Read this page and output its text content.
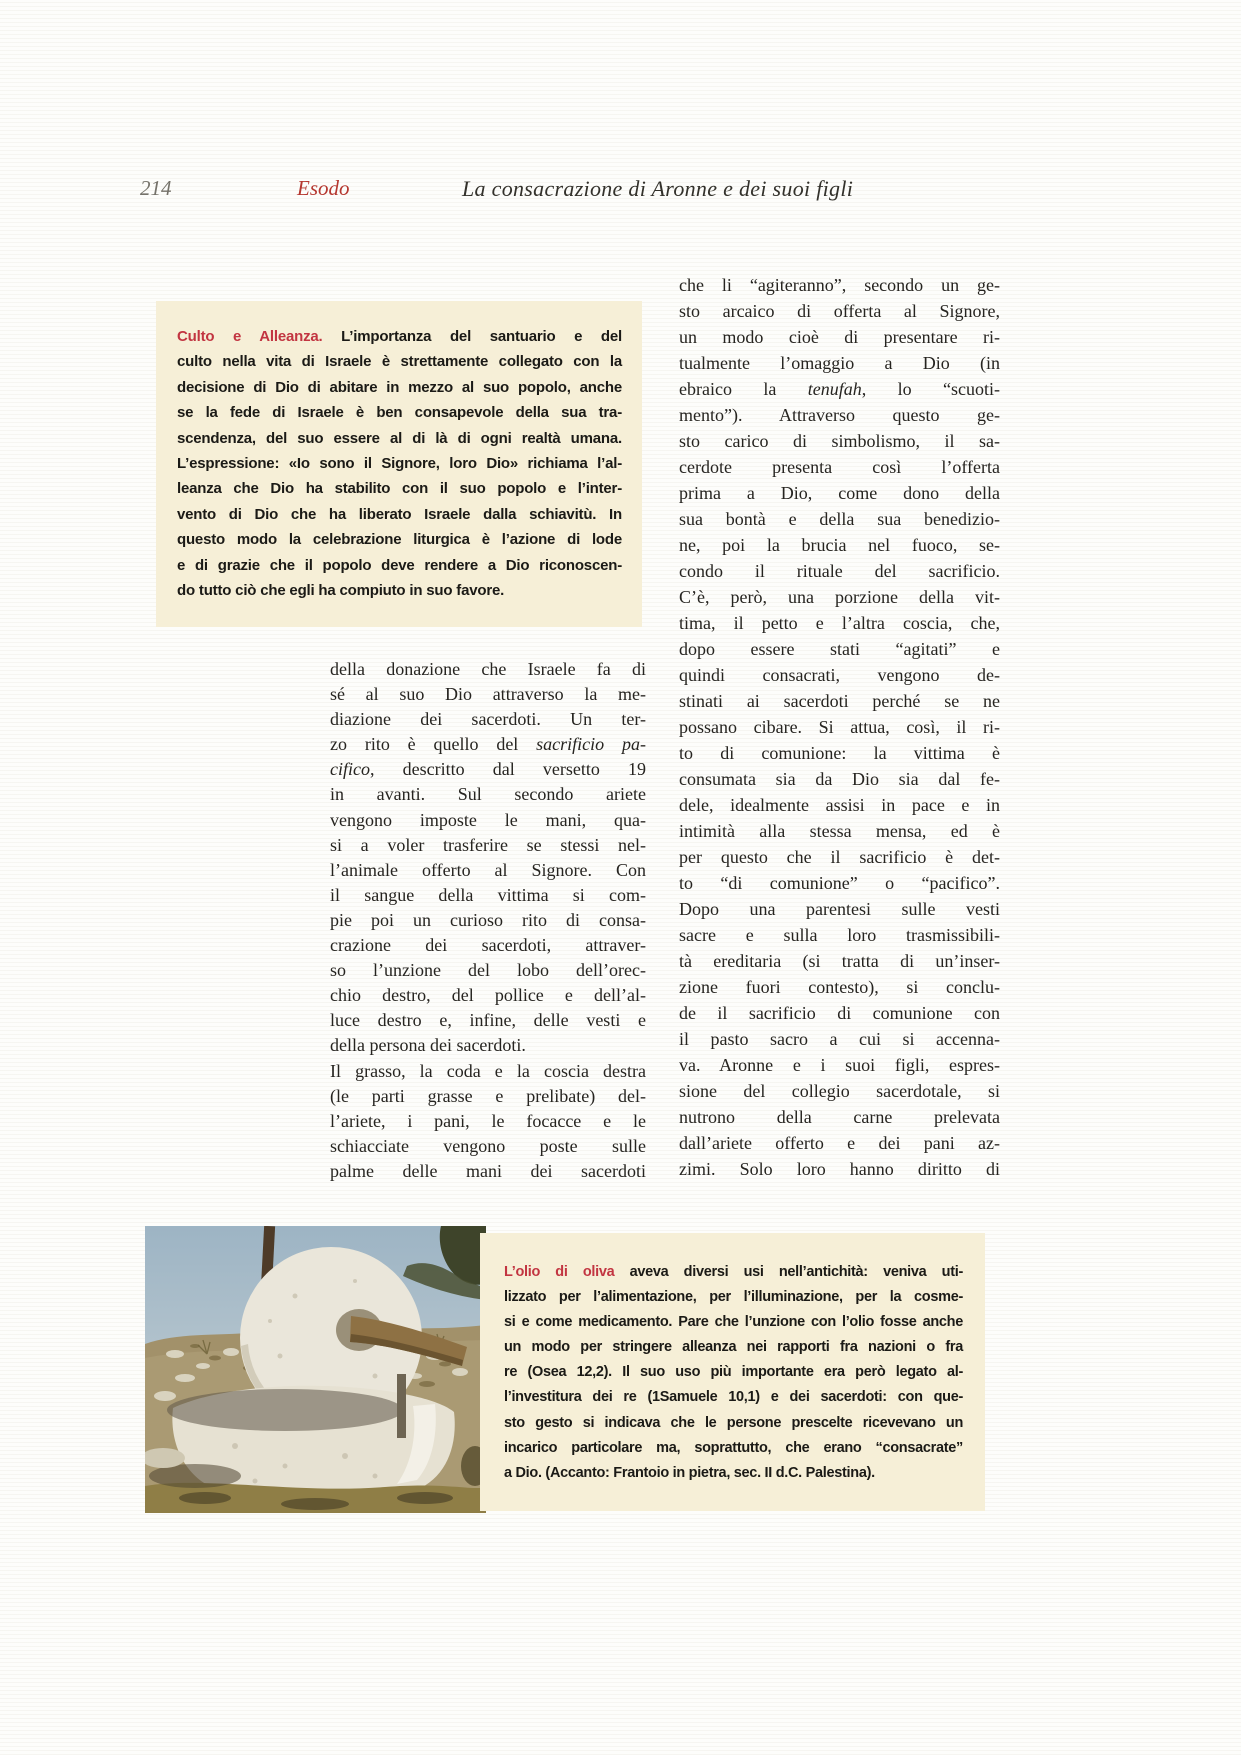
214	Esodo	La consacrazione di Aronne e dei suoi figli
Culto e Alleanza. L’importanza del santuario e del
culto nella vita di Israele è strettamente collegato con la
decisione di Dio di abitare in mezzo al suo popolo, anche
se la fede di Israele è ben consapevole della sua tra-
scendenza, del suo essere al di là di ogni realtà umana.
L’espressione: «Io sono il Signore, loro Dio» richiama l’al-
leanza che Dio ha stabilito con il suo popolo e l’inter-
vento di Dio che ha liberato Israele dalla schiavitù. In
questo modo la celebrazione liturgica è l’azione di lode
e di grazie che il popolo deve rendere a Dio riconoscen-
do tutto ciò che egli ha compiuto in suo favore.
della donazione che Israele fa di
sé al suo Dio attraverso la me-
diazione dei sacerdoti. Un ter-
zo rito è quello del sacrificio pa-
cifico, descritto dal versetto 19
in avanti. Sul secondo ariete
vengono imposte le mani, qua-
si a voler trasferire se stessi nel-
l’animale offerto al Signore. Con
il sangue della vittima si com-
pie poi un curioso rito di consa-
crazione dei sacerdoti, attraver-
so l’unzione del lobo dell’orec-
chio destro, del pollice e dell’al-
luce destro e, infine, delle vesti e
della persona dei sacerdoti.
Il grasso, la coda e la coscia destra
(le parti grasse e prelibate) del-
l’ariete, i pani, le focacce e le
schiacciate vengono poste sulle
palme delle mani dei sacerdoti
che li “agiteranno”, secondo un ge-
sto arcaico di offerta al Signore,
un modo cioè di presentare ri-
tualmente l’omaggio a Dio (in
ebraico la tenufah, lo “scuoti-
mento”). Attraverso questo ge-
sto carico di simbolismo, il sa-
cerdote presenta così l’offerta
prima a Dio, come dono della
sua bontà e della sua benedizio-
ne, poi la brucia nel fuoco, se-
condo il rituale del sacrificio.
C’è, però, una porzione della vit-
tima, il petto e l’altra coscia, che,
dopo essere stati “agitati” e
quindi consacrati, vengono de-
stinati ai sacerdoti perché se ne
possano cibare. Si attua, così, il ri-
to di comunione: la vittima è
consumata sia da Dio sia dal fe-
dele, idealmente assisi in pace e in
intimità alla stessa mensa, ed è
per questo che il sacrificio è det-
to “di comunione” o “pacifico”.
Dopo una parentesi sulle vesti
sacre e sulla loro trasmissibili-
tà ereditaria (si tratta di un’inser-
zione fuori contesto), si conclu-
de il sacrificio di comunione con
il pasto sacro a cui si accenna-
va. Aronne e i suoi figli, espres-
sione del collegio sacerdotale, si
nutrono della carne prelevata
dall’ariete offerto e dei pani az-
zimi. Solo loro hanno diritto di
L’olio di oliva aveva diversi usi nell’antichità: veniva uti-
lizzato per l’alimentazione, per l’illuminazione, per la cosme-
si e come medicamento. Pare che l’unzione con l’olio fosse anche
un modo per stringere alleanza nei rapporti fra nazioni o fra
re (Osea 12,2). Il suo uso più importante era però legato al-
l’investitura dei re (1Samuele 10,1) e dei sacerdoti: con que-
sto gesto si indicava che le persone prescelte ricevevano un
incarico particolare ma, soprattutto, che erano “consacrate”
a Dio. (Accanto: Frantoio in pietra, sec. II d.C. Palestina).
